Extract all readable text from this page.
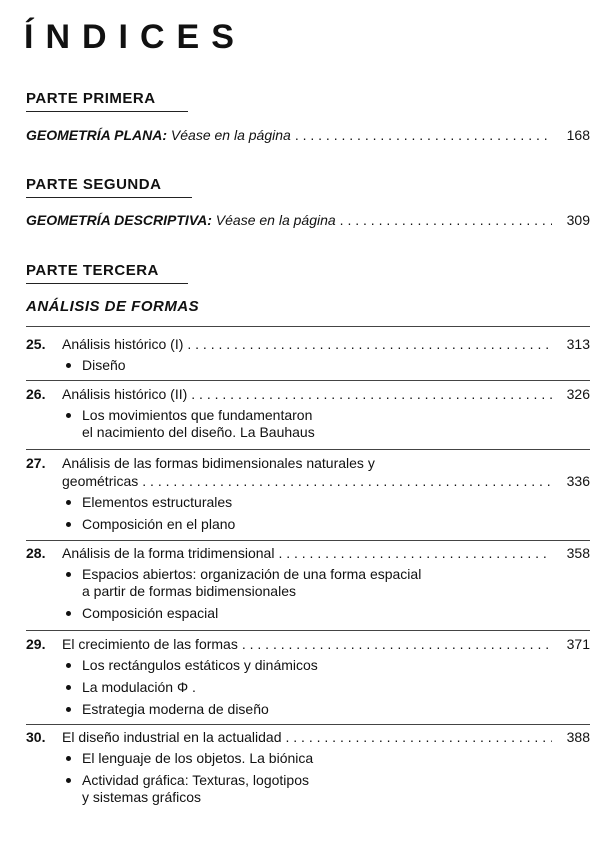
ÍNDICES
PARTE PRIMERA
GEOMETRÍA PLANA: Véase en la página . . .	168
PARTE SEGUNDA
GEOMETRÍA DESCRIPTIVA: Véase en la página . . .	309
PARTE TERCERA
ANÁLISIS DE FORMAS
25.	Análisis histórico (I) . . .	313
Diseño
26.	Análisis histórico (II) . . .	326
Los movimientos que fundamentaron
el nacimiento del diseño. La Bauhaus
27.	Análisis de las formas bidimensionales naturales y
geométricas . . .	336
Elementos estructurales
Composición en el plano
28.	Análisis de la forma tridimensional . . .	358
Espacios abiertos: organización de una forma espacial
a partir de formas bidimensionales
Composición espacial
29.	El crecimiento de las formas . . .	371
Los rectángulos estáticos y dinámicos
La modulación Φ .
Estrategia moderna de diseño
30.	El diseño industrial en la actualidad . . .	388
El lenguaje de los objetos. La biónica
Actividad gráfica: Texturas, logotipos
y sistemas gráficos
